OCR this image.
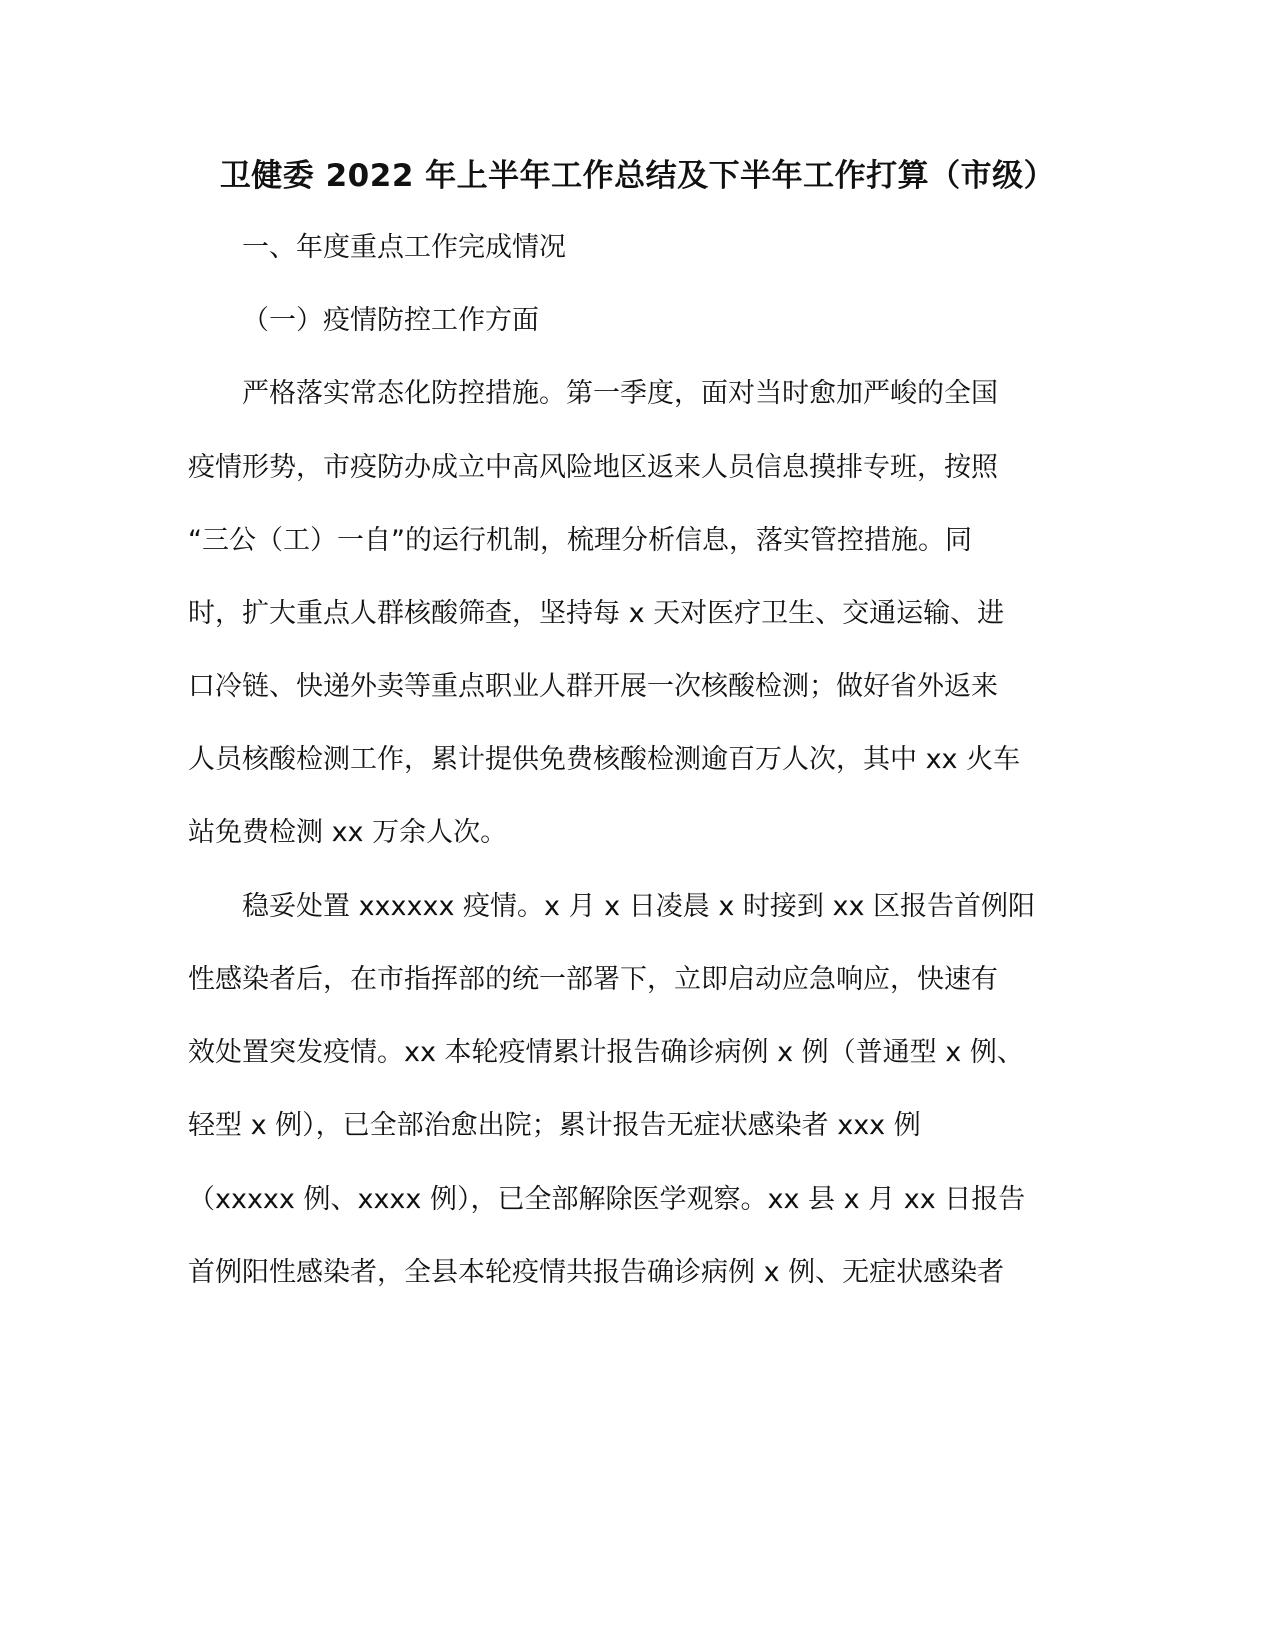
卫健委 2022 年上半年工作总结及下半年工作打算（市级）
一、年度重点工作完成情况
（一）疫情防控工作方面
严格落实常态化防控措施。第一季度，面对当时愈加严峻的全国
疫情形势，市疫防办成立中高风险地区返来人员信息摸排专班，按照
“三公（工）一自”的运行机制，梳理分析信息，落实管控措施。同
时，扩大重点人群核酸筛查，坚持每 x 天对医疗卫生、交通运输、进
口冷链、快递外卖等重点职业人群开展一次核酸检测；做好省外返来
人员核酸检测工作，累计提供免费核酸检测逾百万人次，其中 xx 火车
站免费检测 xx 万余人次。
稳妥处置 xxxxxx 疫情。x 月 x 日凌晨 x 时接到 xx 区报告首例阳
性感染者后，在市指挥部的统一部署下，立即启动应急响应，快速有
效处置突发疫情。xx 本轮疫情累计报告确诊病例 x 例（普通型 x 例、
轻型 x 例），已全部治愈出院；累计报告无症状感染者 xxx 例
（xxxxx 例、xxxx 例），已全部解除医学观察。xx 县 x 月 xx 日报告
首例阳性感染者，全县本轮疫情共报告确诊病例 x 例、无症状感染者
